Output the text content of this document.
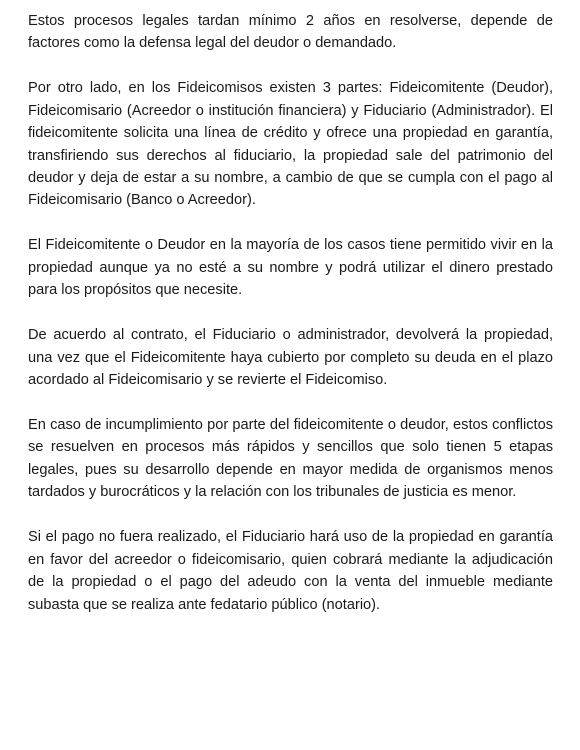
Estos procesos legales tardan mínimo 2 años en resolverse, depende de factores como la defensa legal del deudor o demandado.

Por otro lado, en los Fideicomisos existen 3 partes: Fideicomitente (Deudor), Fideicomisario (Acreedor o institución financiera) y Fiduciario (Administrador). El fideicomitente solicita una línea de crédito y ofrece una propiedad en garantía, transfiriendo sus derechos al fiduciario, la propiedad sale del patrimonio del deudor y deja de estar a su nombre, a cambio de que se cumpla con el pago al Fideicomisario (Banco o Acreedor).

El Fideicomitente o Deudor en la mayoría de los casos tiene permitido vivir en la propiedad aunque ya no esté a su nombre y podrá utilizar el dinero prestado para los propósitos que necesite.

De acuerdo al contrato, el Fiduciario o administrador, devolverá la propiedad, una vez que el Fideicomitente haya cubierto por completo su deuda en el plazo acordado al Fideicomisario y se revierte el Fideicomiso.

En caso de incumplimiento por parte del fideicomitente o deudor, estos conflictos se resuelven en procesos más rápidos y sencillos que solo tienen 5 etapas legales, pues su desarrollo depende en mayor medida de organismos menos tardados y burocráticos y la relación con los tribunales de justicia es menor.

Si el pago no fuera realizado, el Fiduciario hará uso de la propiedad en garantía en favor del acreedor o fideicomisario, quien cobrará mediante la adjudicación de la propiedad o el pago del adeudo con la venta del inmueble mediante subasta que se realiza ante fedatario público (notario).
